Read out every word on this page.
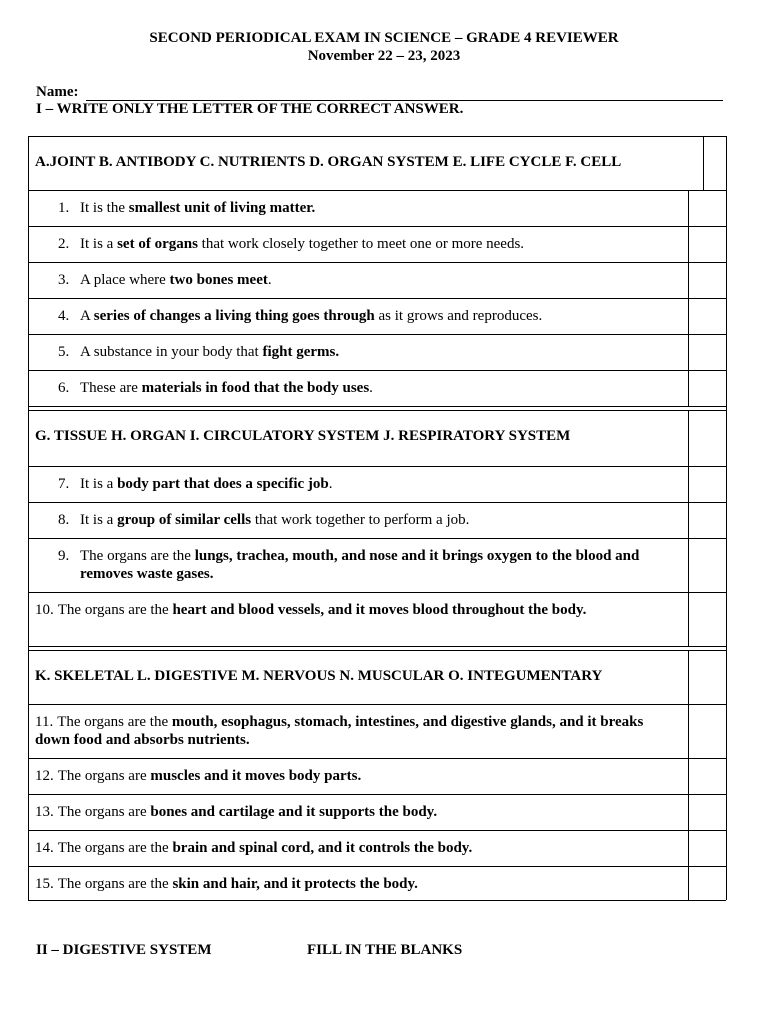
SECOND PERIODICAL EXAM IN SCIENCE – GRADE 4 REVIEWER
November 22 – 23, 2023
Name:
I – WRITE ONLY THE LETTER OF THE CORRECT ANSWER.
A.JOINT B. ANTIBODY C. NUTRIENTS D. ORGAN SYSTEM E. LIFE CYCLE F. CELL
1. It is the smallest unit of living matter.
2. It is a set of organs that work closely together to meet one or more needs.
3. A place where two bones meet.
4. A series of changes a living thing goes through as it grows and reproduces.
5. A substance in your body that fight germs.
6. These are materials in food that the body uses.
G. TISSUE H. ORGAN I. CIRCULATORY SYSTEM J. RESPIRATORY SYSTEM
7. It is a body part that does a specific job.
8. It is a group of similar cells that work together to perform a job.
9. The organs are the lungs, trachea, mouth, and nose and it brings oxygen to the blood and removes waste gases.
10. The organs are the heart and blood vessels, and it moves blood throughout the body.
K. SKELETAL L. DIGESTIVE M. NERVOUS N. MUSCULAR O. INTEGUMENTARY
11. The organs are the mouth, esophagus, stomach, intestines, and digestive glands, and it breaks down food and absorbs nutrients.
12. The organs are muscles and it moves body parts.
13. The organs are bones and cartilage and it supports the body.
14. The organs are the brain and spinal cord, and it controls the body.
15. The organs are the skin and hair, and it protects the body.
II – DIGESTIVE SYSTEM	FILL IN THE BLANKS
